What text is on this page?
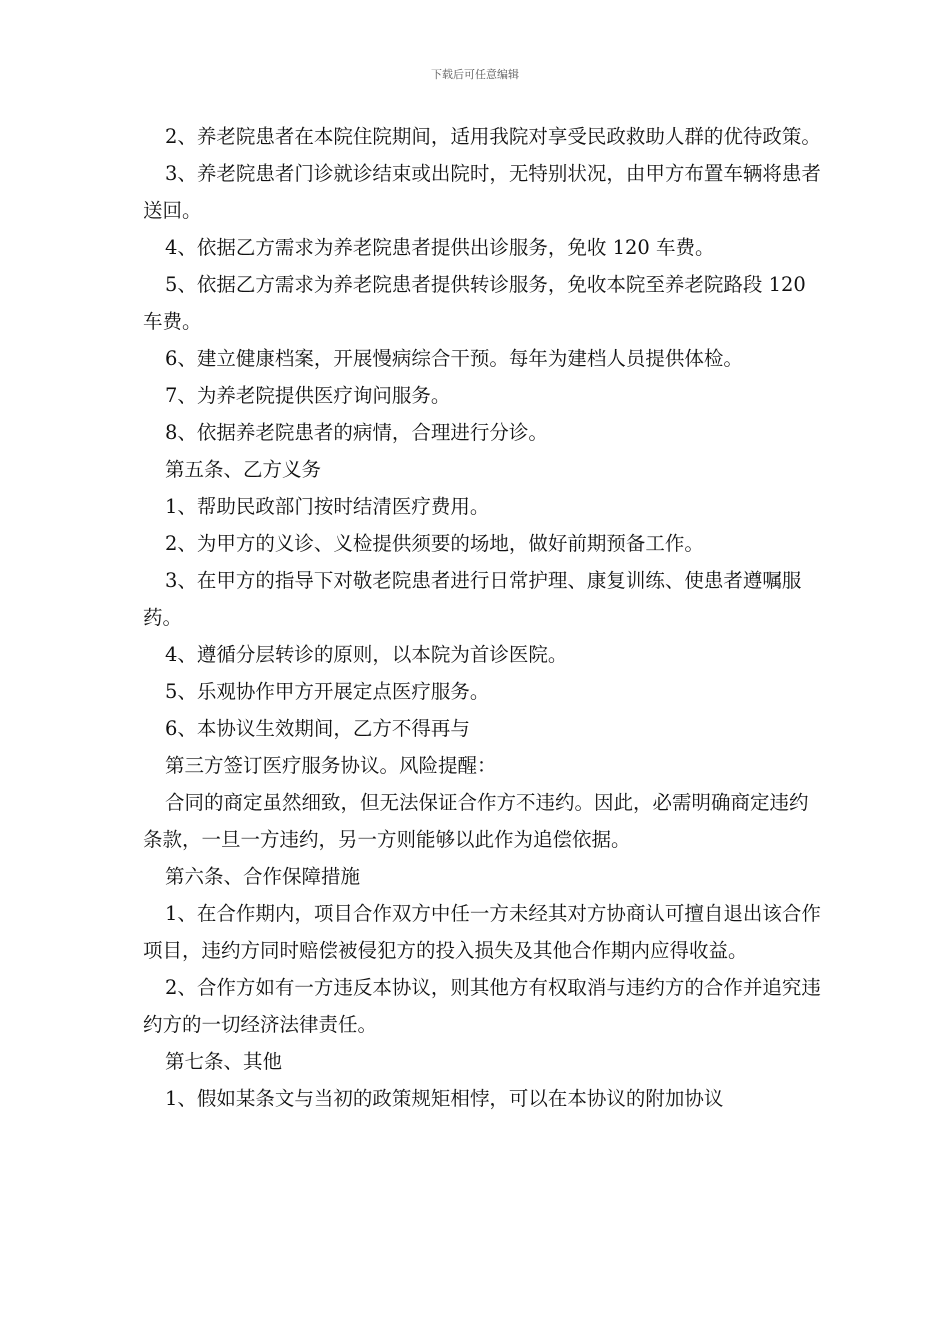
下载后可任意编辑
2、养老院患者在本院住院期间，适用我院对享受民政救助人群的优待政策。
3、养老院患者门诊就诊结束或出院时，无特别状况，由甲方布置车辆将患者送回。
4、依据乙方需求为养老院患者提供出诊服务，免收 120 车费。
5、依据乙方需求为养老院患者提供转诊服务，免收本院至养老院路段 120 车费。
6、建立健康档案，开展慢病综合干预。每年为建档人员提供体检。
7、为养老院提供医疗询问服务。
8、依据养老院患者的病情，合理进行分诊。
第五条、乙方义务
1、帮助民政部门按时结清医疗费用。
2、为甲方的义诊、义检提供须要的场地，做好前期预备工作。
3、在甲方的指导下对敬老院患者进行日常护理、康复训练、使患者遵嘱服药。
4、遵循分层转诊的原则，以本院为首诊医院。
5、乐观协作甲方开展定点医疗服务。
6、本协议生效期间，乙方不得再与
第三方签订医疗服务协议。风险提醒：
合同的商定虽然细致，但无法保证合作方不违约。因此，必需明确商定违约条款，一旦一方违约，另一方则能够以此作为追偿依据。
第六条、合作保障措施
1、在合作期内，项目合作双方中任一方未经其对方协商认可擅自退出该合作项目，违约方同时赔偿被侵犯方的投入损失及其他合作期内应得收益。
2、合作方如有一方违反本协议，则其他方有权取消与违约方的合作并追究违约方的一切经济法律责任。
第七条、其他
1、假如某条文与当初的政策规矩相悖，可以在本协议的附加协议
